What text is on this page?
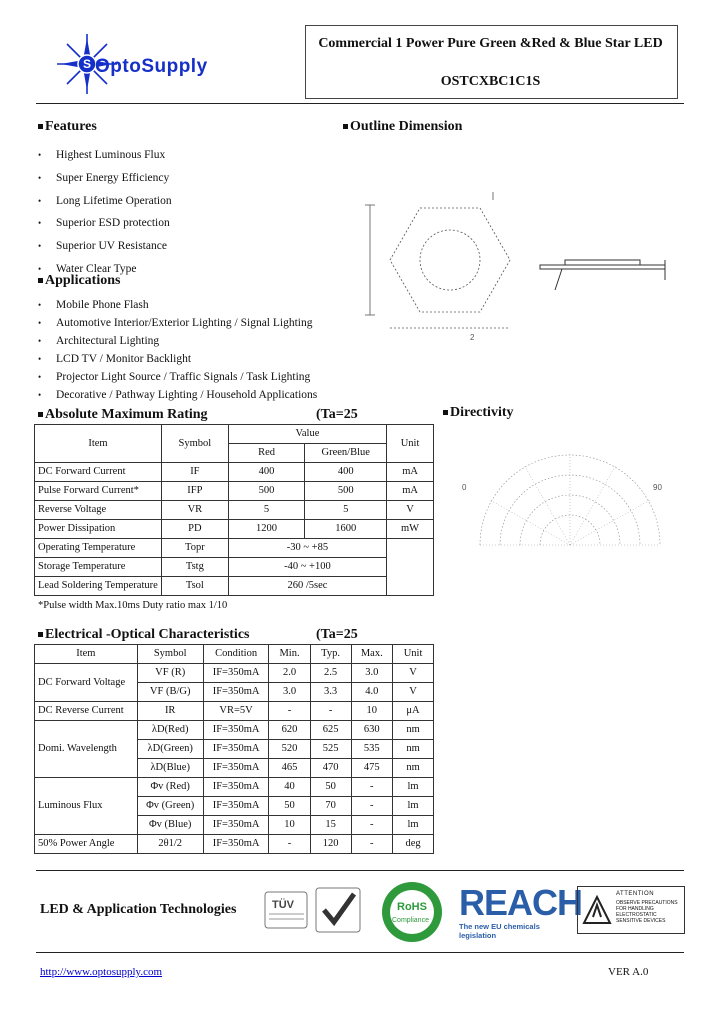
S OptoSupply
Commercial 1 Power Pure Green &Red & Blue Star LED
OSTCXBC1C1S
Features
• Highest Luminous Flux
• Super Energy Efficiency
• Long Lifetime Operation
• Superior ESD protection
• Superior UV Resistance
• Water Clear Type
Outline Dimension
2
Applications
• Mobile Phone Flash
• Automotive Interior/Exterior Lighting / Signal Lighting
• Architectural Lighting
• LCD TV / Monitor Backlight
• Projector Light Source / Traffic Signals / Task Lighting
• Decorative / Pathway Lighting / Household Applications
Absolute Maximum Rating	(Ta=25
Item	Symbol	Value		Unit
		Red	Green/Blue	
DC Forward Current	IF	400	400	mA
Pulse Forward Current*	IFP	500	500	mA
Reverse Voltage	VR	5	5	V
Power Dissipation	PD	1200	1600	mW
Operating Temperature	Topr	-30 ~ +85		
Storage Temperature	Tstg	-40 ~ +100		
Lead Soldering Temperature	Tsol	260 /5sec		
*Pulse width Max.10ms Duty ratio max 1/10
Directivity
0	90
Electrical -Optical Characteristics	(Ta=25
Item	Symbol	Condition	Min.	Typ.	Max.	Unit
DC Forward Voltage	VF (R)	IF=350mA	2.0	2.5	3.0	V
	VF (B/G)	IF=350mA	3.0	3.3	4.0	V
DC Reverse Current	IR	VR=5V	-	-	10	μA
Domi. Wavelength	λD(Red)	IF=350mA	620	625	630	nm
	λD(Green)	IF=350mA	520	525	535	nm
	λD(Blue)	IF=350mA	465	470	475	nm
Luminous Flux	Φv (Red)	IF=350mA	40	50	-	lm
	Φv (Green)	IF=350mA	50	70	-	lm
	Φv (Blue)	IF=350mA	10	15	-	lm
50% Power Angle	2θ1/2	IF=350mA	-	120	-	deg
LED & Application Technologies	TÜV	RoHS
Compliance REACH
The new EU chemicals legislation
ATTENTION
OBSERVE PRECAUTIONS FOR HANDLING ELECTROSTATIC SENSITIVE DEVICES
http://www.optosupply.com	VER A.0
